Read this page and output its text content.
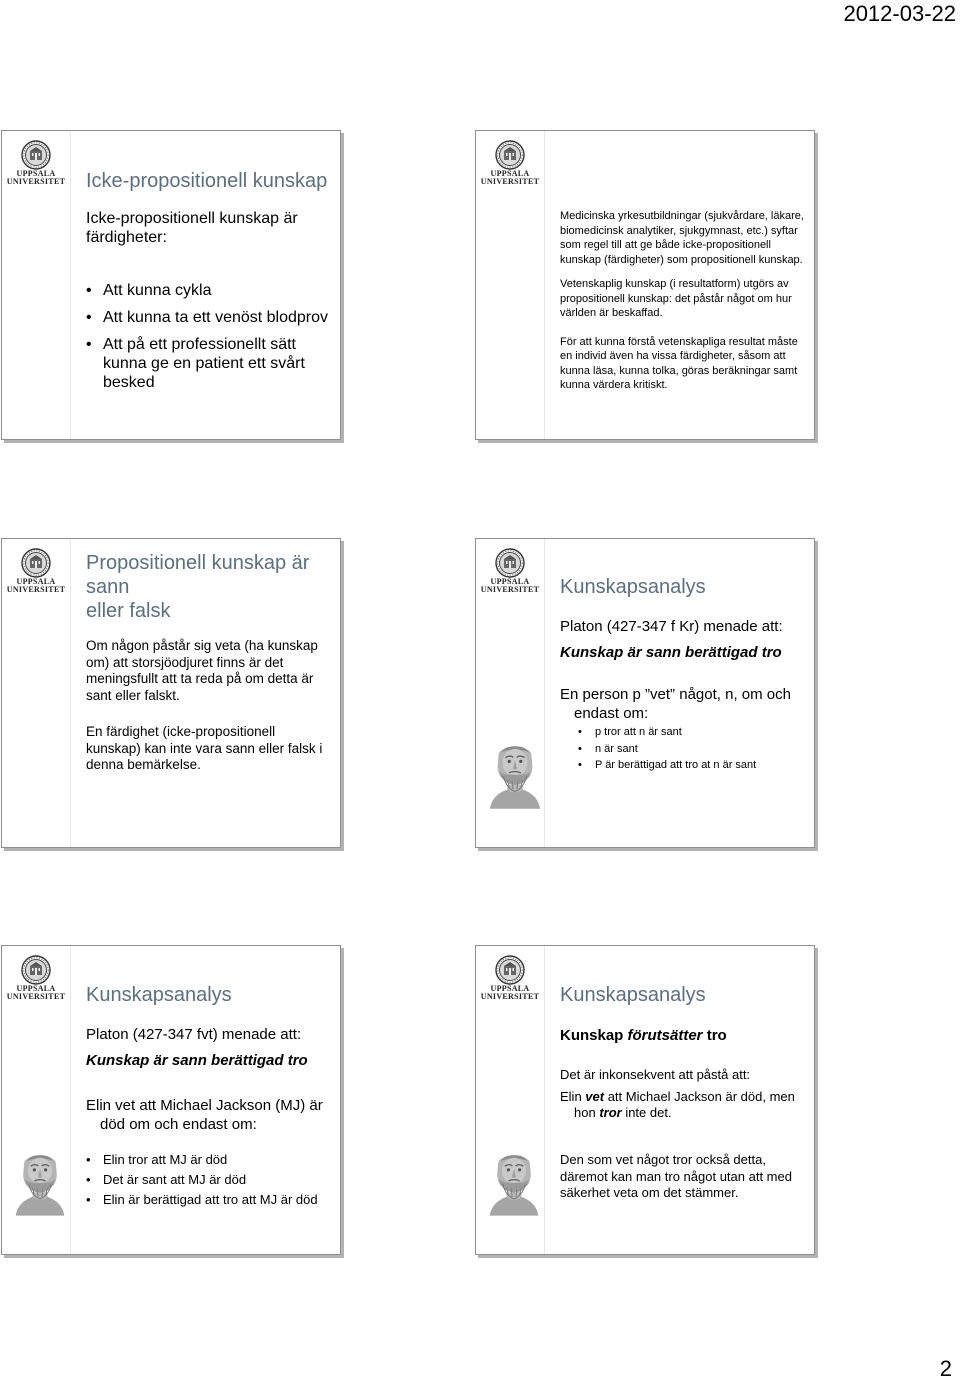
2012-03-22
UPPSALA
UNIVERSITET Icke-propositionell kunskap

Icke-propositionell kunskap är färdigheter:

• Att kunna cykla
• Att kunna ta ett venöst blodprov
• Att på ett professionellt sätt kunna ge en patient ett svårt besked
UPPSALA
UNIVERSITET

Medicinska yrkesutbildningar (sjukvårdare, läkare, biomedicinsk analytiker, sjukgymnast, etc.) syftar som regel till att ge både icke-propositionell kunskap (färdigheter) som propositionell kunskap.

Vetenskaplig kunskap (i resultatform) utgörs av propositionell kunskap: det påstår något om hur världen är beskaffad.

För att kunna förstå vetenskapliga resultat måste en individ även ha vissa färdigheter, såsom att kunna läsa, kunna tolka, göras beräkningar samt kunna värdera kritiskt.

UPPSALA
UNIVERSITET
Propositionell kunskap är sann
eller falsk

Om någon påstår sig veta (ha kunskap om) att storsjöodjuret finns är det meningsfullt att ta reda på om detta är sant eller falskt.

En färdighet (icke-propositionell kunskap) kan inte vara sann eller falsk i denna bemärkelse.

UPPSALA
UNIVERSITET Kunskapsanalys

Platon (427-347 f Kr) menade att:

Kunskap är sann berättigad tro

En person p ”vet” något, n, om och endast om:

• p tror att n är sant
• n är sant
• P är berättigad att tro at n är sant
UPPSALA
UNIVERSITET Kunskapsanalys

Platon (427-347 fvt) menade att:

Kunskap är sann berättigad tro

Elin vet att Michael Jackson (MJ) är död om och endast om:

• Elin tror att MJ är död
• Det är sant att MJ är död
• Elin är berättigad att tro att MJ är död
UPPSALA
UNIVERSITET Kunskapsanalys

Kunskap förutsätter tro

Det är inkonsekvent att påstå att:

Elin vet att Michael Jackson är död, men hon tror inte det.

Den som vet något tror också detta, däremot kan man tro något utan att med säkerhet veta om det stämmer.

2
